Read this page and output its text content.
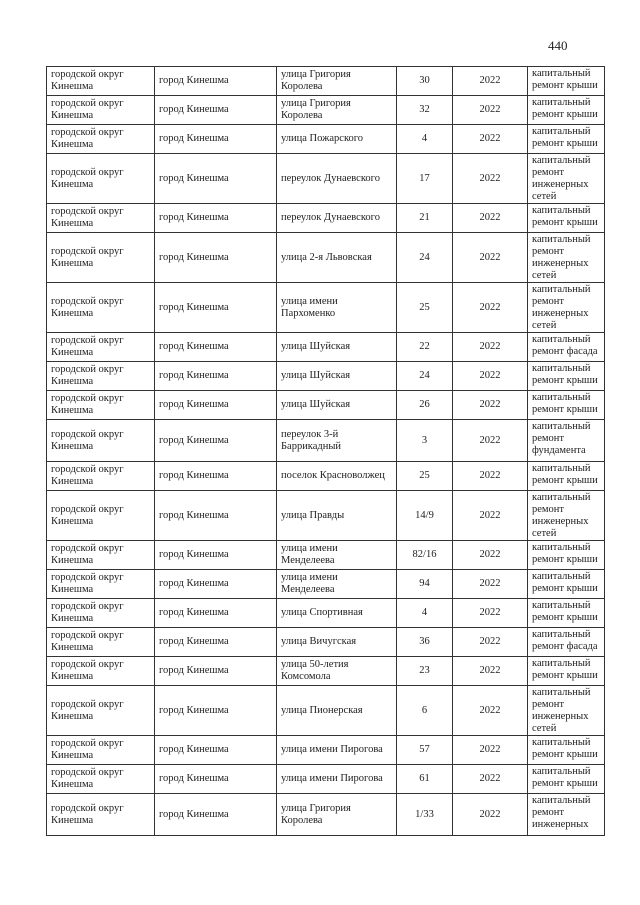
440
городской округ Кинешма	город Кинешма	улица Григория Королева	30	2022	капитальный ремонт крыши
городской округ Кинешма	город Кинешма	улица Григория Королева	32	2022	капитальный ремонт крыши
городской округ Кинешма	город Кинешма	улица Пожарского	4	2022	капитальный ремонт крыши
городской округ Кинешма	город Кинешма	переулок Дунаевского	17	2022	капитальный ремонт инженерных сетей
городской округ Кинешма	город Кинешма	переулок Дунаевского	21	2022	капитальный ремонт крыши
городской округ Кинешма	город Кинешма	улица 2-я Львовская	24	2022	капитальный ремонт инженерных сетей
городской округ Кинешма	город Кинешма	улица имени Пархоменко	25	2022	капитальный ремонт инженерных сетей
городской округ Кинешма	город Кинешма	улица Шуйская	22	2022	капитальный ремонт фасада
городской округ Кинешма	город Кинешма	улица Шуйская	24	2022	капитальный ремонт крыши
городской округ Кинешма	город Кинешма	улица Шуйская	26	2022	капитальный ремонт крыши
городской округ Кинешма	город Кинешма	переулок 3-й Баррикадный	3	2022	капитальный ремонт фундамента
городской округ Кинешма	город Кинешма	поселок Красноволжец	25	2022	капитальный ремонт крыши
городской округ Кинешма	город Кинешма	улица Правды	14/9	2022	капитальный ремонт инженерных сетей
городской округ Кинешма	город Кинешма	улица имени Менделеева	82/16	2022	капитальный ремонт крыши
городской округ Кинешма	город Кинешма	улица имени Менделеева	94	2022	капитальный ремонт крыши
городской округ Кинешма	город Кинешма	улица Спортивная	4	2022	капитальный ремонт крыши
городской округ Кинешма	город Кинешма	улица Вичугская	36	2022	капитальный ремонт фасада
городской округ Кинешма	город Кинешма	улица 50-летия Комсомола	23	2022	капитальный ремонт крыши
городской округ Кинешма	город Кинешма	улица Пионерская	6	2022	капитальный ремонт инженерных сетей
городской округ Кинешма	город Кинешма	улица имени Пирогова	57	2022	капитальный ремонт крыши
городской округ Кинешма	город Кинешма	улица имени Пирогова	61	2022	капитальный ремонт крыши
городской округ Кинешма	город Кинешма	улица Григория Королева	1/33	2022	капитальный ремонт инженерных
